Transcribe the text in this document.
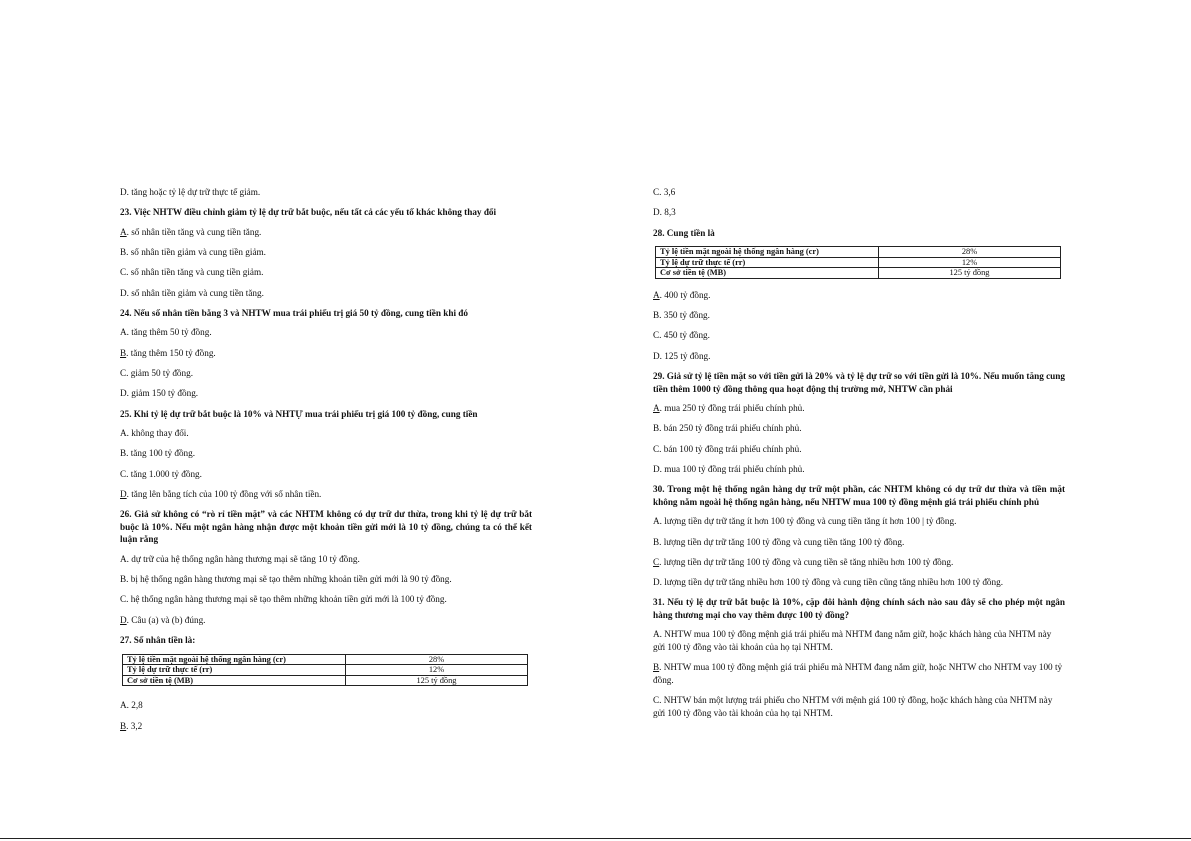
D. tăng hoặc tỷ lệ dự trữ thực tế giảm.

23. Việc NHTW điều chỉnh giảm tỷ lệ dự trữ bắt buộc, nếu tất cả các yếu tố khác không thay đổi

A. số nhân tiền tăng và cung tiền tăng.

B. số nhân tiền giảm và cung tiền giảm.

C. số nhân tiền tăng và cung tiền giảm.

D. số nhân tiền giảm và cung tiền tăng.

24. Nếu số nhân tiền bằng 3 và NHTW mua trái phiếu trị giá 50 tỷ đồng, cung tiền khi đó

A. tăng thêm 50 tỷ đồng.

B. tăng thêm 150 tỷ đồng.

C. giảm 50 tỷ đồng.

D. giảm 150 tỷ đồng.

25. Khi tỷ lệ dự trữ bắt buộc là 10% và NHTỰ mua trái phiếu trị giá 100 tỷ đồng, cung tiền

A. không thay đổi.

B. tăng 100 tỷ đồng.

C. tăng 1.000 tỷ đồng.

D. tăng lên bằng tích của 100 tỷ đồng với số nhân tiền.

26. Giả sử không có “rò rỉ tiền mặt” và các NHTM không có dự trữ dư thừa, trong khi tỷ lệ dự trữ bắt buộc là 10%. Nếu một ngân hàng nhận được một khoản tiền gửi mới là 10 tỷ đồng, chúng ta có thể kết luận rằng

A. dự trữ của hệ thống ngân hàng thương mại sẽ tăng 10 tỷ đồng.

B. bị hệ thống ngân hàng thương mại sẽ tạo thêm những khoản tiền gửi mới là 90 tỷ đồng.

C. hệ thống ngân hàng thương mại sẽ tạo thêm những khoản tiền gửi mới là 100 tỷ đồng.

D. Câu (a) và (b) đúng.

27. Số nhân tiền là:

Tỷ lệ tiền mặt ngoài hệ thống ngân hàng (cr)	28%
Tỷ lệ dự trữ thực tế (rr)	12%
Cơ sở tiền tệ (MB)	125 tỷ đồng

A. 2,8

B. 3,2

C. 3,6

D. 8,3

28. Cung tiền là

Tỷ lệ tiền mặt ngoài hệ thống ngân hàng (cr)	28%
Tỷ lệ dự trữ thực tế (rr)	12%
Cơ sở tiền tệ (MB)	125 tỷ đồng

A. 400 tỷ đồng.

B. 350 tỷ đồng.

C. 450 tỷ đồng.

D. 125 tỷ đồng.

29. Giả sử tỷ lệ tiền mặt so với tiền gửi là 20% và tỷ lệ dự trữ so với tiền gửi là 10%. Nếu muốn tăng cung tiền thêm 1000 tỷ đồng thông qua hoạt động thị trường mở, NHTW cần phải

A. mua 250 tỷ đồng trái phiếu chính phủ.

B. bán 250 tỷ đồng trái phiếu chính phủ.

C. bán 100 tỷ đồng trái phiếu chính phủ.

D. mua 100 tỷ đồng trái phiếu chính phủ.

30. Trong một hệ thống ngân hàng dự trữ một phần, các NHTM không có dự trữ dư thừa và tiền mặt không nằm ngoài hệ thống ngân hàng, nếu NHTW mua 100 tỷ đồng mệnh giá trái phiếu chính phủ

A. lượng tiền dự trữ tăng ít hơn 100 tỷ đồng và cung tiền tăng ít hơn 100 | tỷ đồng.

B. lượng tiền dự trữ tăng 100 tỷ đồng và cung tiền tăng 100 tỷ đồng.

C. lượng tiền dự trữ tăng 100 tỷ đồng và cung tiền sẽ tăng nhiều hơn 100 tỷ đồng.

D. lượng tiền dự trữ tăng nhiều hơn 100 tỷ đồng và cung tiền cũng tăng nhiều hơn 100 tỷ đồng.

31. Nếu tỷ lệ dự trữ bắt buộc là 10%, cặp đôi hành động chính sách nào sau đây sẽ cho phép một ngân hàng thương mại cho vay thêm được 100 tỷ đồng?

A. NHTW mua 100 tỷ đồng mệnh giá trái phiếu mà NHTM đang nắm giữ, hoặc khách hàng của NHTM này gửi 100 tỷ đồng vào tài khoản của họ tại NHTM.

B. NHTW mua 100 tỷ đồng mệnh giá trái phiếu mà NHTM đang nắm giữ, hoặc NHTW cho NHTM vay 100 tỷ đồng.

C. NHTW bán một lượng trái phiếu cho NHTM với mệnh giá 100 tỷ đồng, hoặc khách hàng của NHTM này gửi 100 tỷ đồng vào tài khoản của họ tại NHTM.
